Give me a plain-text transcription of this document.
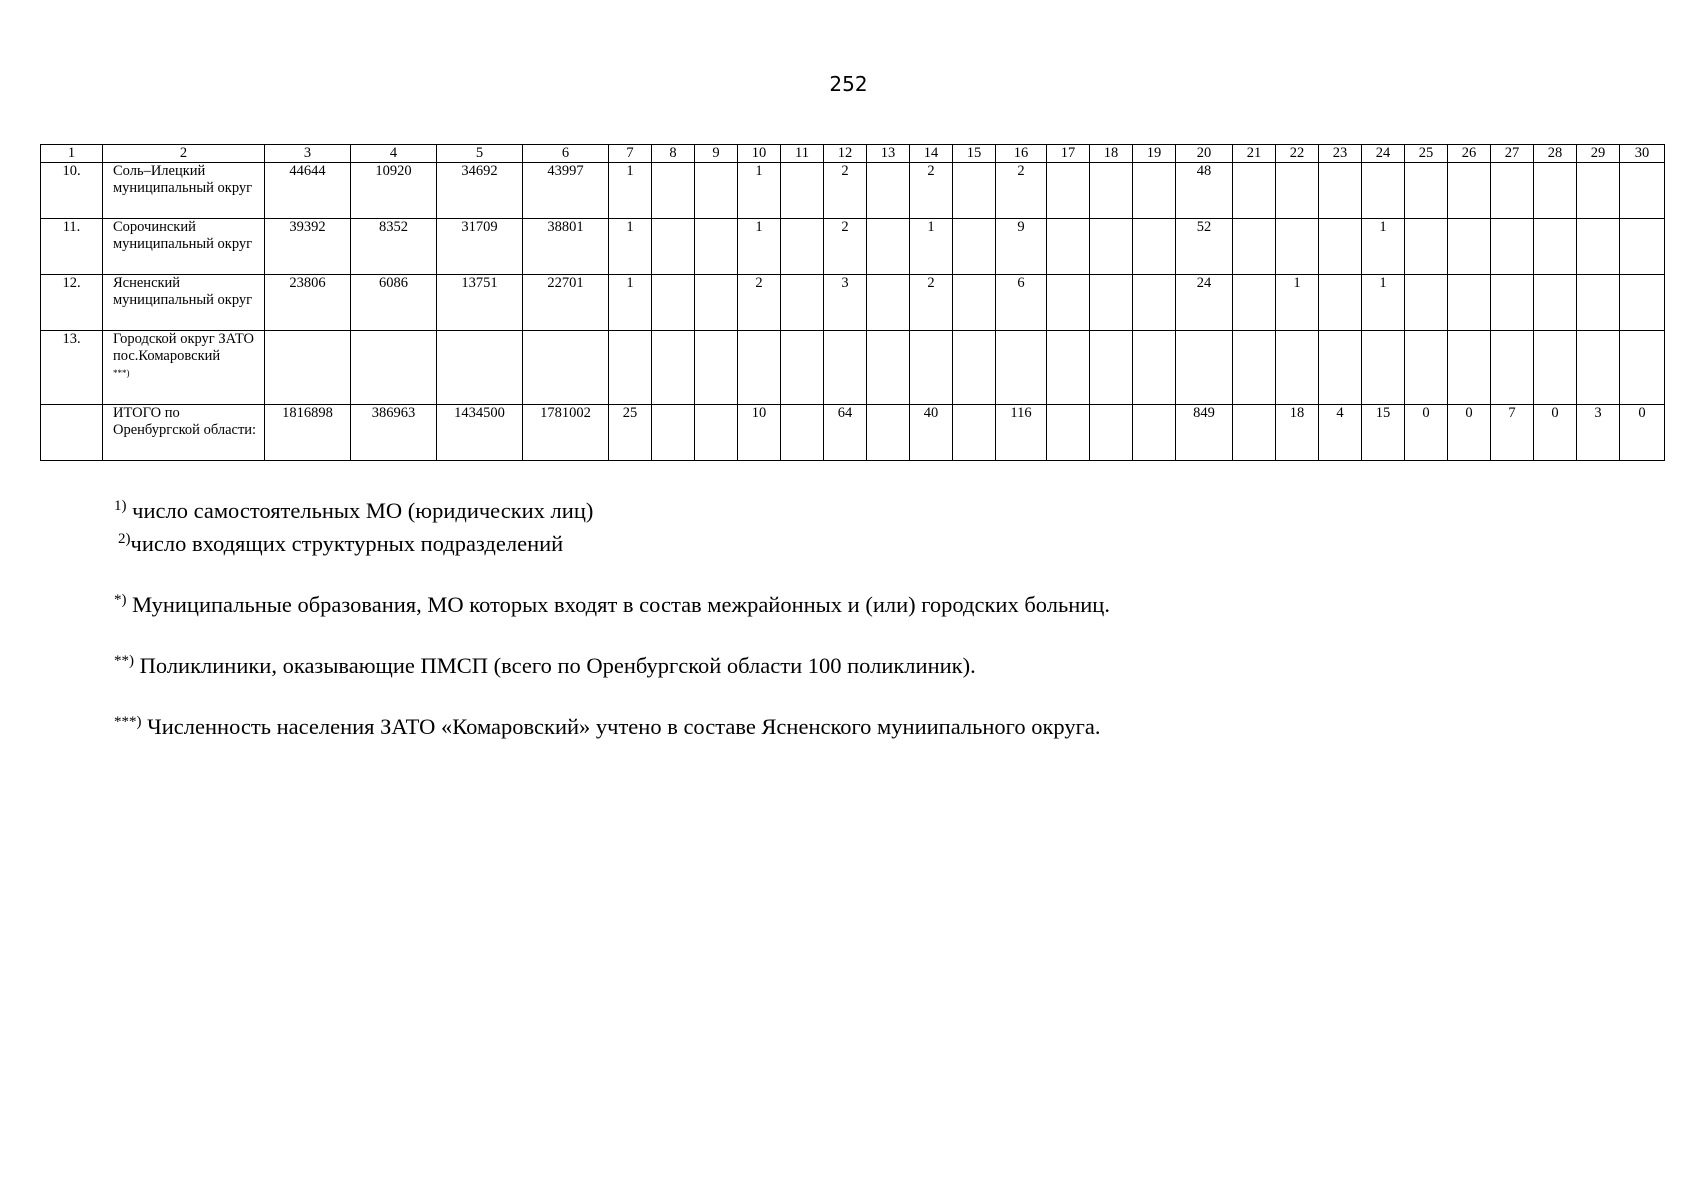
252
1	2	3	4	5	6	7	8	9	10	11	12	13	14	15	16	17	18	19	20	21	22	23	24	25	26	27	28	29	30
10.	Соль–Илецкий муниципальный округ	44644	10920	34692	43997	1			1		2		2		2				48										
11.	Сорочинский муниципальный округ	39392	8352	31709	38801	1			1		2		1		9				52				1						
12.	Ясненский муниципальный округ	23806	6086	13751	22701	1			2		3		2		6				24		1		1						
13.	Городской округ ЗАТО пос.Комаровский
***)																												
	ИТОГО по Оренбургской области:	1816898	386963	1434500	1781002	25			10		64		40		116				849		18	4	15	0	0	7	0	3	0
$^{1)}$ число самостоятельных МО (юридических лиц)
$^{2)}$число входящих структурных подразделений
*) Муниципальные образования, МО которых входят в состав межрайонных и (или) городских больниц.
**) Поликлиники, оказывающие ПМСП (всего по Оренбургской области 100 поликлиник).
***) Численность населения ЗАТО «Комаровский» учтено в составе Ясненского муниипального округа.
